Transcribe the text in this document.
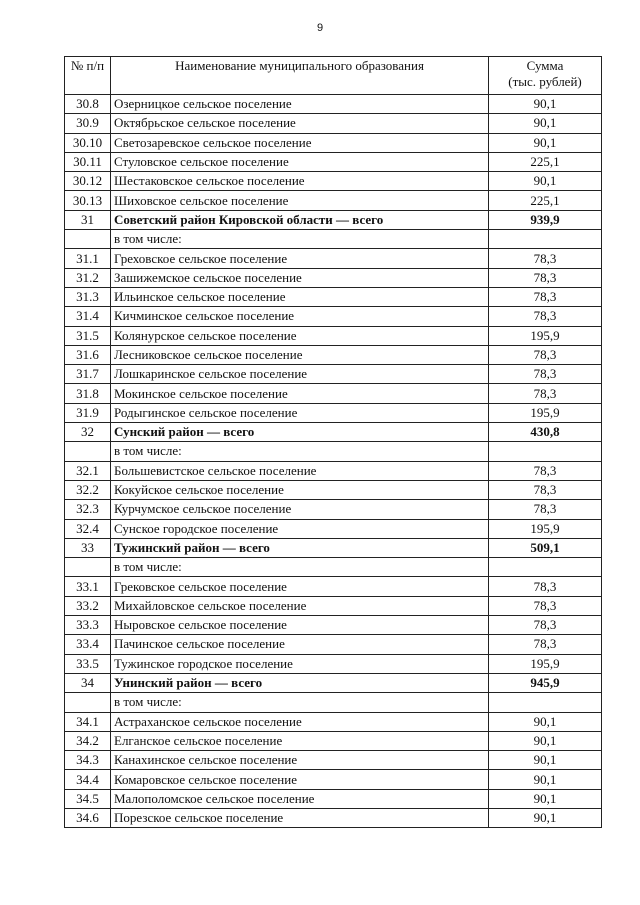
9
№ п/п	Наименование муниципального образования	Сумма
(тыс. рублей)

30.8	Озерницкое сельское поселение	90,1
30.9	Октябрьское сельское поселение	90,1
30.10	Светозаревское сельское поселение	90,1
30.11	Стуловское сельское поселение	225,1
30.12	Шестаковское сельское поселение	90,1
30.13	Шиховское сельское поселение	225,1
31	Советский район Кировской области — всего	939,9
	в том числе:	
31.1	Греховское сельское поселение	78,3
31.2	Зашижемское сельское поселение	78,3
31.3	Ильинское сельское поселение	78,3
31.4	Кичминское сельское поселение	78,3
31.5	Колянурское сельское поселение	195,9
31.6	Лесниковское сельское поселение	78,3
31.7	Лошкаринское сельское поселение	78,3
31.8	Мокинское сельское поселение	78,3
31.9	Родыгинское сельское поселение	195,9
32	Сунский район — всего	430,8
	в том числе:	
32.1	Большевистское сельское поселение	78,3
32.2	Кокуйское сельское поселение	78,3
32.3	Курчумское сельское поселение	78,3
32.4	Сунское городское поселение	195,9
33	Тужинский район — всего	509,1
	в том числе:	
33.1	Грековское сельское поселение	78,3
33.2	Михайловское сельское поселение	78,3
33.3	Ныровское сельское поселение	78,3
33.4	Пачинское сельское поселение	78,3
33.5	Тужинское городское поселение	195,9
34	Унинский район — всего	945,9
	в том числе:	
34.1	Астраханское сельское поселение	90,1
34.2	Елганское сельское поселение	90,1
34.3	Канахинское сельское поселение	90,1
34.4	Комаровское сельское поселение	90,1
34.5	Малополомское сельское поселение	90,1
34.6	Порезское сельское поселение	90,1
